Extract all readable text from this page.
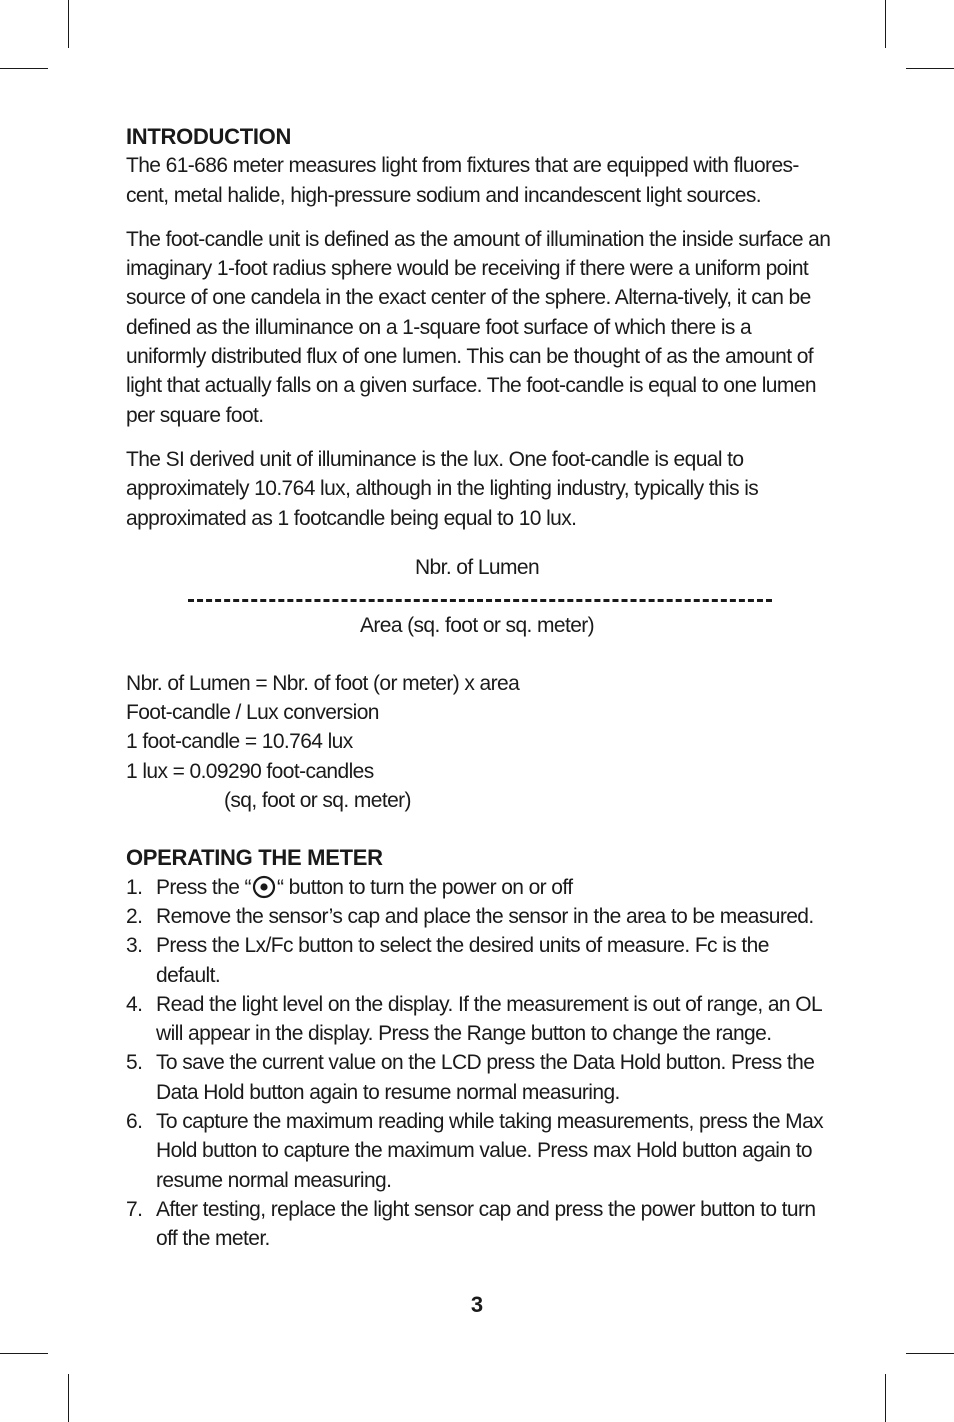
INTRODUCTION

The 61-686 meter measures light from fixtures that are equipped with fluores-cent, metal halide, high-pressure sodium and incandescent light sources.

The foot-candle unit is defined as the amount of illumination the inside surface an imaginary 1-foot radius sphere would be receiving if there were a uniform point source of one candela in the exact center of the sphere. Alterna-tively, it can be defined as the illuminance on a 1-square foot surface of which there is a uniformly distributed flux of one lumen. This can be thought of as the amount of light that actually falls on a given surface. The foot-candle is equal to one lumen per square foot.

The SI derived unit of illuminance is the lux. One foot-candle is equal to approximately 10.764 lux, although in the lighting industry, typically this is approximated as 1 footcandle being equal to 10 lux.

Nbr. of Lumen
Area (sq. foot or sq. meter)
Nbr. of Lumen = Nbr. of foot (or meter) x area
Foot-candle / Lux conversion
1 foot-candle = 10.764 lux
1 lux = 0.09290 foot-candles
(sq, foot or sq. meter)
OPERATING THE METER
1. Press the “ “ button to turn the power on or off
2. Remove the sensor’s cap and place the sensor in the area to be measured.
3. Press the Lx/Fc button to select the desired units of measure. Fc is the default.
4. Read the light level on the display. If the measurement is out of range, an OL will appear in the display. Press the Range button to change the range.
5. To save the current value on the LCD press the Data Hold button. Press the Data Hold button again to resume normal measuring.
6. To capture the maximum reading while taking measurements, press the Max Hold button to capture the maximum value. Press max Hold button again to resume normal measuring.
7. After testing, replace the light sensor cap and press the power button to turn off the meter.
3
